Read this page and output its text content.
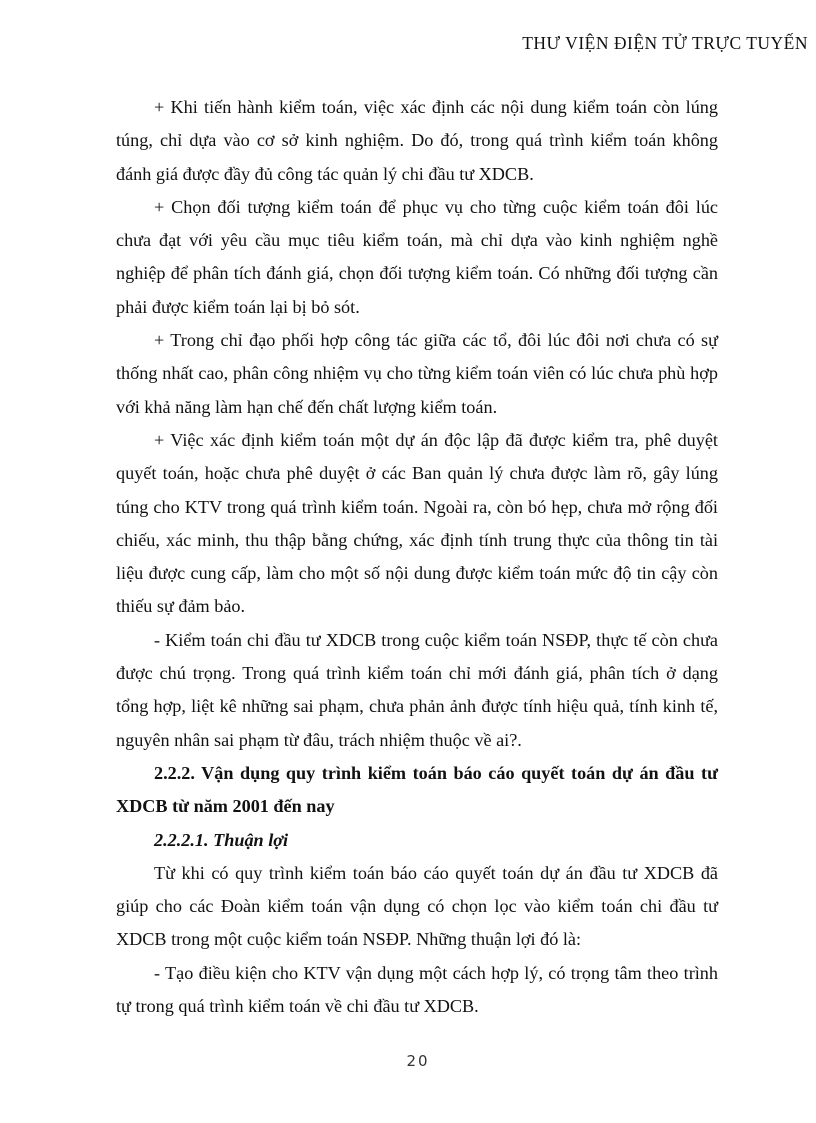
THƯ VIỆN ĐIỆN TỬ TRỰC TUYẾN

+ Khi tiến hành kiểm toán, việc xác định các nội dung kiểm toán còn lúng túng, chỉ dựa vào cơ sở kinh nghiệm. Do đó, trong quá trình kiểm toán không đánh giá được đầy đủ công tác quản lý chi đầu tư XDCB.

+ Chọn đối tượng kiểm toán để phục vụ cho từng cuộc kiểm toán đôi lúc chưa đạt với yêu cầu mục tiêu kiểm toán, mà chỉ dựa vào kinh nghiệm nghề nghiệp để phân tích đánh giá, chọn đối tượng kiểm toán. Có những đối tượng cần phải được kiểm toán lại bị bỏ sót.

+ Trong chỉ đạo phối hợp công tác giữa các tổ, đôi lúc đôi nơi chưa có sự thống nhất cao, phân công nhiệm vụ cho từng kiểm toán viên có lúc chưa phù hợp với khả năng làm hạn chế đến chất lượng kiểm toán.

+ Việc xác định kiểm toán một dự án độc lập đã được kiểm tra, phê duyệt quyết toán, hoặc chưa phê duyệt ở các Ban quản lý chưa được làm rõ, gây lúng túng cho KTV trong quá trình kiểm toán. Ngoài ra, còn bó hẹp, chưa mở rộng đối chiếu, xác minh, thu thập bằng chứng, xác định tính trung thực của thông tin tài liệu được cung cấp, làm cho một số nội dung được kiểm toán mức độ tin cậy còn thiếu sự đảm bảo.

- Kiểm toán chi đầu tư XDCB trong cuộc kiểm toán NSĐP, thực tế còn chưa được chú trọng. Trong quá trình kiểm toán chỉ mới đánh giá, phân tích ở dạng tổng hợp, liệt kê những sai phạm, chưa phản ảnh được tính hiệu quả, tính kinh tế, nguyên nhân sai phạm từ đâu, trách nhiệm thuộc về ai?.

2.2.2. Vận dụng quy trình kiểm toán báo cáo quyết toán dự án đầu tư XDCB từ năm 2001 đến nay

2.2.2.1. Thuận lợi

Từ khi có quy trình kiểm toán báo cáo quyết toán dự án đầu tư XDCB đã giúp cho các Đoàn kiểm toán vận dụng có chọn lọc vào kiểm toán chi đầu tư XDCB trong một cuộc kiểm toán NSĐP. Những thuận lợi đó là:

- Tạo điều kiện cho KTV vận dụng một cách hợp lý, có trọng tâm theo trình tự trong quá trình kiểm toán về chi đầu tư XDCB.

20
